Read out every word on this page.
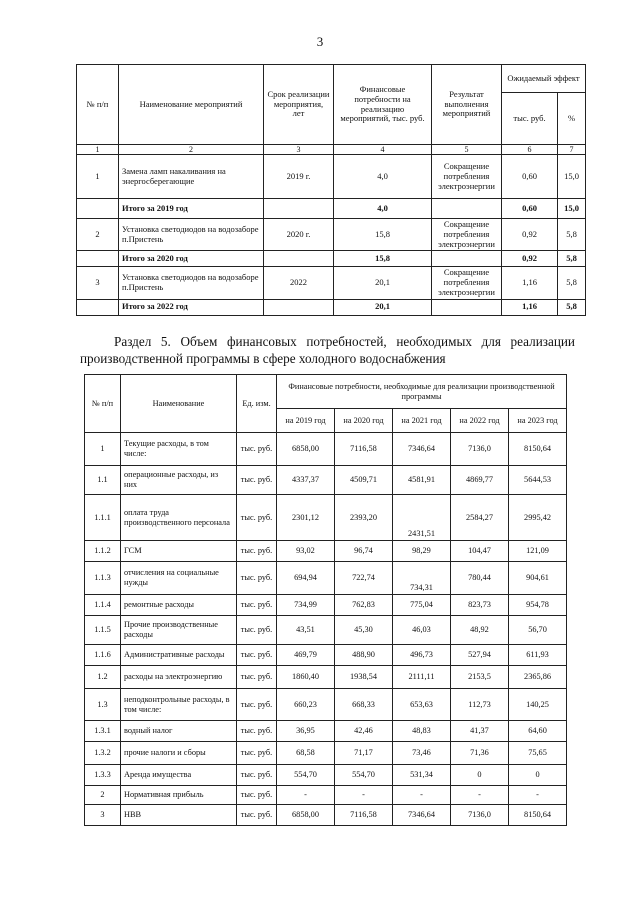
3
№ п/п	Наименование мероприятий	Срок реализации мероприятия, лет	Финансовые потребности на реализацию мероприятий, тыс. руб.	Результат выполнения мероприятий	Ожидаемый эффект	
					тыс. руб.	%
1	2	3	4	5	6	7
1	Замена ламп накаливания на энергосберегающие	2019 г.	4,0	Сокращение потребления электроэнергии	0,60	15,0
	Итого за 2019 год		4,0		0,60	15,0
2	Установка светодиодов на водозаборе п.Пристень	2020 г.	15,8	Сокращение потребления электроэнергии	0,92	5,8
	Итого за 2020 год		15,8		0,92	5,8
3	Установка светодиодов на водозаборе п.Пристень	2022	20,1	Сокращение потребления электроэнергии	1,16	5,8
	Итого за 2022 год		20,1		1,16	5,8
Раздел 5. Объем финансовых потребностей, необходимых для реализации производственной программы в сфере холодного водоснабжения
№ п/п	Наименование	Ед. изм.	Финансовые потребности, необходимые для реализации производственной программы				
			на 2019 год	на 2020 год	на 2021 год	на 2022 год	на 2023 год
1	Текущие расходы, в том числе:	тыс. руб.	6858,00	7116,58	7346,64	7136,0	8150,64
1.1	операционные расходы, из них	тыс. руб.	4337,37	4509,71	4581,91	4869,77	5644,53
1.1.1	оплата труда производственного персонала	тыс. руб.	2301,12	2393,20	2431,51	2584,27	2995,42
1.1.2	ГСМ	тыс. руб.	93,02	96,74	98,29	104,47	121,09
1.1.3	отчисления на социальные нужды	тыс. руб.	694,94	722,74	734,31	780,44	904,61
1.1.4	ремонтные расходы	тыс. руб.	734,99	762,83	775,04	823,73	954,78
1.1.5	Прочие производственные расходы	тыс. руб.	43,51	45,30	46,03	48,92	56,70
1.1.6	Административные расходы	тыс. руб.	469,79	488,90	496,73	527,94	611,93
1.2	расходы на электроэнергию	тыс. руб.	1860,40	1938,54	2111,11	2153,5	2365,86
1.3	неподконтрольные расходы, в том числе:	тыс. руб.	660,23	668,33	653,63	112,73	140,25
1.3.1	водный налог	тыс. руб.	36,95	42,46	48,83	41,37	64,60
1.3.2	прочие налоги и сборы	тыс. руб.	68,58	71,17	73,46	71,36	75,65
1.3.3	Аренда имущества	тыс. руб.	554,70	554,70	531,34	0	0
2	Нормативная прибыль	тыс. руб.	-	-	-	-	-
3	НВВ	тыс. руб.	6858,00	7116,58	7346,64	7136,0	8150,64
